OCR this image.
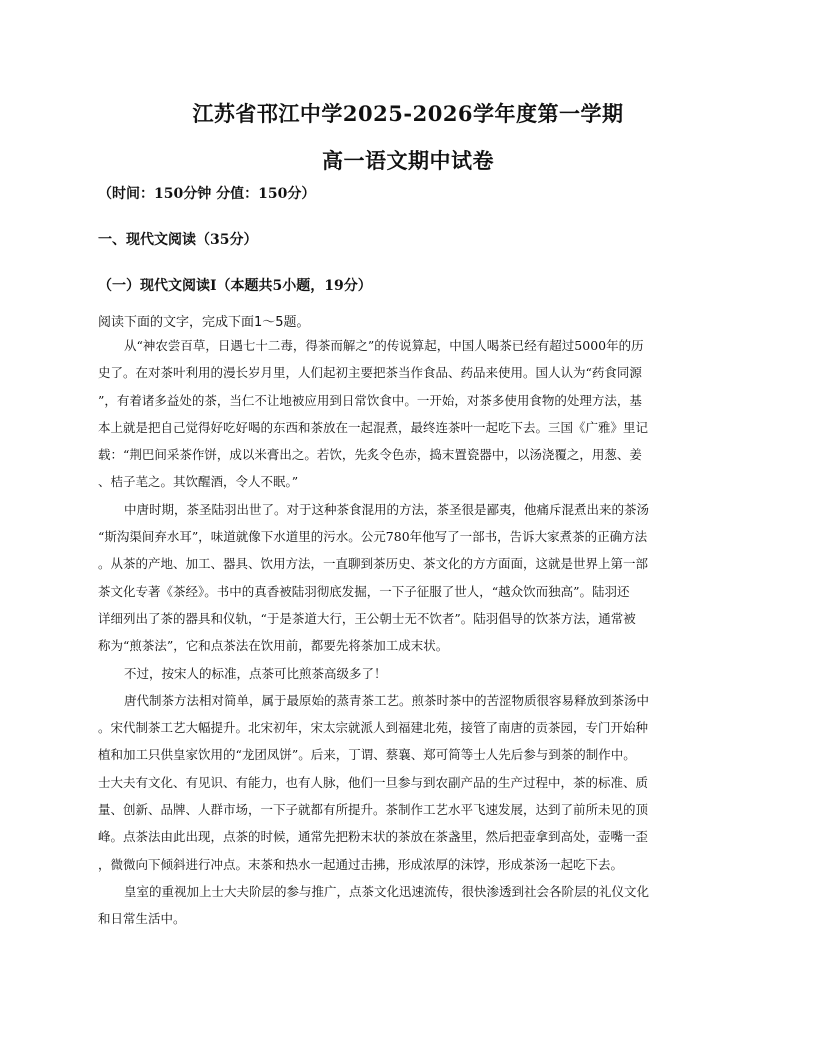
江苏省邗江中学2025-2026学年度第一学期
高一语文期中试卷
（时间：150分钟 分值：150分）
一、现代文阅读（35分）
（一）现代文阅读Ⅰ（本题共5小题，19分）
阅读下面的文字，完成下面1～5题。
从“神农尝百草，日遇七十二毒，得茶而解之”的传说算起，中国人喝茶已经有超过5000年的历
史了。在对茶叶利用的漫长岁月里，人们起初主要把茶当作食品、药品来使用。国人认为“药食同源
”，有着诸多益处的茶，当仁不让地被应用到日常饮食中。一开始，对茶多使用食物的处理方法，基
本上就是把自己觉得好吃好喝的东西和茶放在一起混煮，最终连茶叶一起吃下去。三国《广雅》里记
载：“荆巴间采茶作饼，成以米膏出之。若饮，先炙令色赤，捣末置瓷器中，以汤浇覆之，用葱、姜
、桔子芼之。其饮醒酒，令人不眠。”
中唐时期，茶圣陆羽出世了。对于这种茶食混用的方法，茶圣很是鄙夷，他痛斥混煮出来的茶汤
“斯沟渠间弃水耳”，味道就像下水道里的污水。公元780年他写了一部书，告诉大家煮茶的正确方法
。从茶的产地、加工、器具、饮用方法，一直聊到茶历史、茶文化的方方面面，这就是世界上第一部
茶文化专著《茶经》。书中的真香被陆羽彻底发掘，一下子征服了世人，“越众饮而独高”。陆羽还
详细列出了茶的器具和仪轨，“于是茶道大行，王公朝士无不饮者”。陆羽倡导的饮茶方法，通常被
称为“煎茶法”，它和点茶法在饮用前，都要先将茶加工成末状。
不过，按宋人的标准，点茶可比煎茶高级多了！
唐代制茶方法相对简单，属于最原始的蒸青茶工艺。煎茶时茶中的苦涩物质很容易释放到茶汤中
。宋代制茶工艺大幅提升。北宋初年，宋太宗就派人到福建北苑，接管了南唐的贡茶园，专门开始种
植和加工只供皇家饮用的“龙团凤饼”。后来，丁谓、蔡襄、郑可简等士人先后参与到茶的制作中。
士大夫有文化、有见识、有能力，也有人脉，他们一旦参与到农副产品的生产过程中，茶的标准、质
量、创新、品牌、人群市场，一下子就都有所提升。茶制作工艺水平飞速发展，达到了前所未见的顶
峰。点茶法由此出现，点茶的时候，通常先把粉末状的茶放在茶盏里，然后把壶拿到高处，壶嘴一歪
，微微向下倾斜进行冲点。末茶和热水一起通过击拂，形成浓厚的沫饽，形成茶汤一起吃下去。
皇室的重视加上士大夫阶层的参与推广，点茶文化迅速流传，很快渗透到社会各阶层的礼仪文化
和日常生活中。
